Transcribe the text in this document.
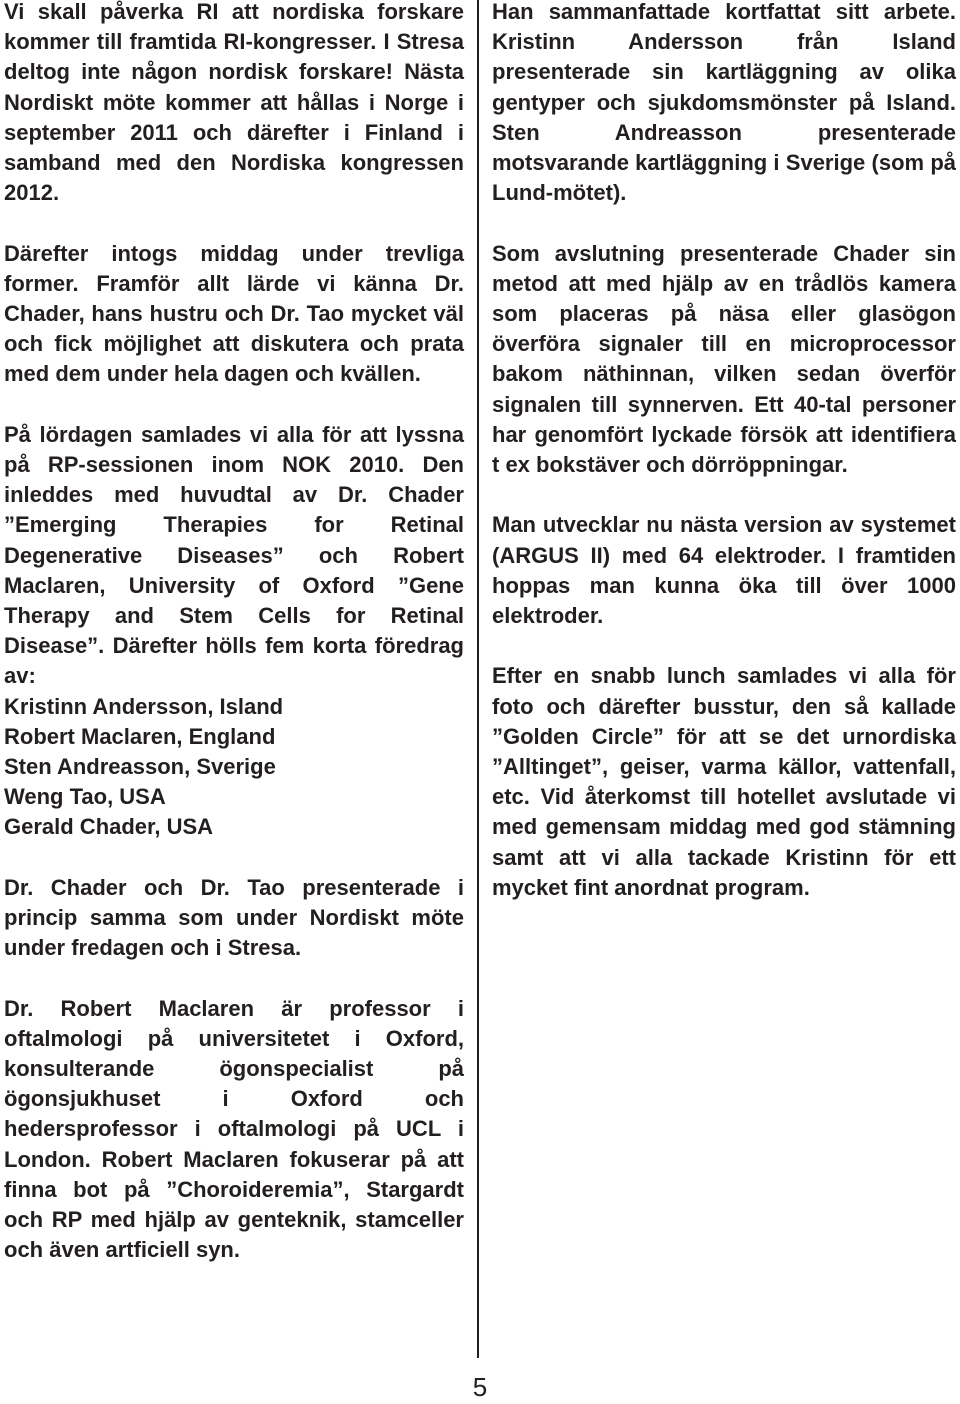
Vi skall påverka RI att nordiska forskare kommer till framtida RI-kongresser. I Stresa deltog inte någon nordisk forskare! Nästa Nordiskt möte kommer att hållas i Norge i september 2011 och därefter i Finland i samband med den Nordiska kongressen 2012.

Därefter intogs middag under trevliga former. Framför allt lärde vi känna Dr. Chader, hans hustru och Dr. Tao mycket väl och fick möjlighet att diskutera och prata med dem under hela dagen och kvällen.

På lördagen samlades vi alla för att lyssna på RP-sessionen inom NOK 2010. Den inleddes med huvudtal av Dr. Chader ”Emerging Therapies for Retinal Degenerative Diseases” och Robert Maclaren, University of Oxford ”Gene Therapy and Stem Cells for Retinal Disease”. Därefter hölls fem korta föredrag av:

Kristinn Andersson, Island
Robert Maclaren, England
Sten Andreasson, Sverige
Weng Tao, USA
Gerald Chader, USA

Dr. Chader och Dr. Tao presenterade i princip samma som under Nordiskt möte under fredagen och i Stresa.

Dr. Robert Maclaren är professor i oftalmologi på universitetet i Oxford, konsulterande ögonspecialist på ögonsjukhuset i Oxford och hedersprofessor i oftalmologi på UCL i London. Robert Maclaren fokuserar på att finna bot på ”Choroideremia”, Stargardt och RP med hjälp av genteknik, stamceller och även artficiell syn.

Han sammanfattade kortfattat sitt arbete. Kristinn Andersson från Island presenterade sin kartläggning av olika gentyper och sjukdomsmönster på Island. Sten Andreasson presenterade motsvarande kartläggning i Sverige (som på Lund-mötet).

Som avslutning presenterade Chader sin metod att med hjälp av en trådlös kamera som placeras på näsa eller glasögon överföra signaler till en microprocessor bakom näthinnan, vilken sedan överför signalen till synnerven. Ett 40-tal personer har genomfört lyckade försök att identifiera t ex bokstäver och dörröppningar.

Man utvecklar nu nästa version av systemet (ARGUS II) med 64 elektroder. I framtiden hoppas man kunna öka till över 1000 elektroder.

Efter en snabb lunch samlades vi alla för foto och därefter busstur, den så kallade ”Golden Circle” för att se det urnordiska ”Alltinget”, geiser, varma källor, vattenfall, etc. Vid återkomst till hotellet avslutade vi med gemensam middag med god stämning samt att vi alla tackade Kristinn för ett mycket fint anordnat program.

5
